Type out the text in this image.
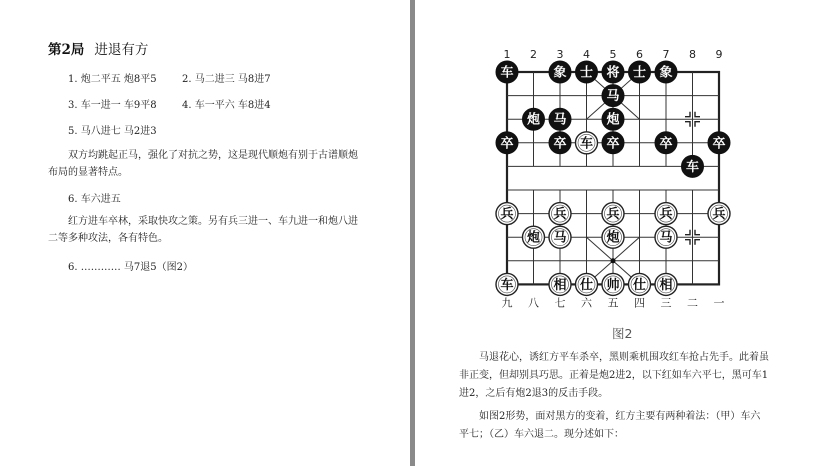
第2局 进退有方
1. 炮二平五 炮8平5	2. 马二进三 马8进7
3. 车一进一 车9平8	4. 车一平六 车8进4
5. 马八进七 马2进3
双方均跳起正马，强化了对抗之势，这是现代顺炮有别于古谱顺炮
布局的显著特点。
6. 车六进五
红方进车卒林，采取快攻之策。另有兵三进一、车九进一和炮八进
二等多种攻法，各有特色。
6. ………… 马7退5（图2）
1 2 3 4 5 6 7 8 9
九 八 七 六 五 四 三 二 一
车	象 士 将 士 象
马
炮 马	炮
卒	卒 车 卒	卒	卒
车
兵	兵	兵	兵	兵
炮 马	炮	马
车	相 仕 帅 仕 相
图2
马退花心，诱红方平车杀卒，黑则乘机围攻红车抢占先手。此着虽
非正变，但却别具巧思。正着是炮2进2，以下红如车六平七，黑可车1
进2，之后有炮2退3的反击手段。
如图2形势，面对黑方的变着，红方主要有两种着法：（甲）车六
平七；（乙）车六退二。现分述如下：
